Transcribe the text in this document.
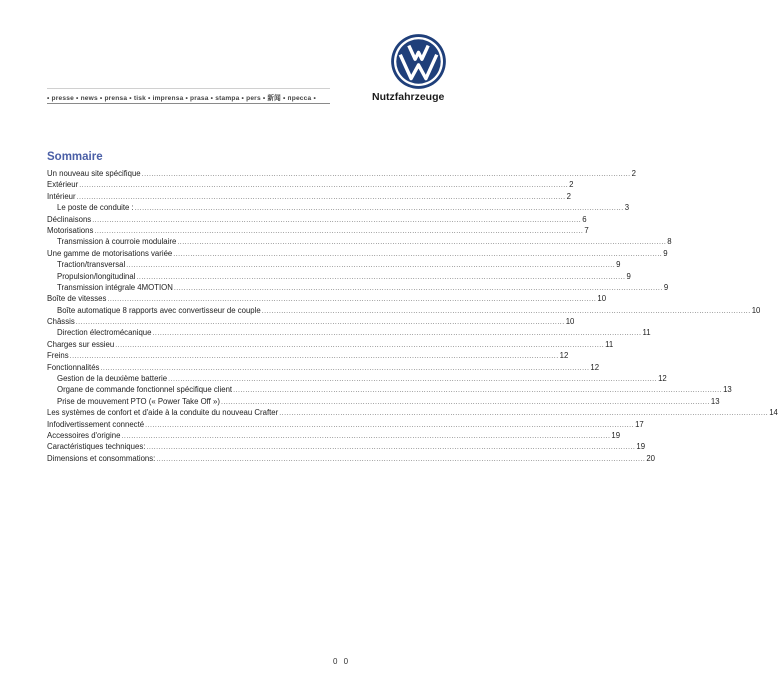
Nutzfahrzeuge
• presse • news • prensa • tisk • imprensa • prasa • stampa • pers • 新闻 • пресса •
Sommaire
Un nouveau site spécifique ........................................................................................................................................................................................................ 2
Extérieur ........................................................................................................................................................................................................ 2
Intérieur ........................................................................................................................................................................................................ 2
Le poste de conduite : ........................................................................................................................................................................................................ 3
Déclinaisons ........................................................................................................................................................................................................ 6
Motorisations ........................................................................................................................................................................................................ 7
Transmission à courroie modulaire ........................................................................................................................................................................................................ 8
Une gamme de motorisations variée ........................................................................................................................................................................................................ 9
Traction/transversal ........................................................................................................................................................................................................ 9
Propulsion/longitudinal ........................................................................................................................................................................................................ 9
Transmission intégrale 4MOTION ........................................................................................................................................................................................................ 9
Boîte de vitesses ........................................................................................................................................................................................................ 10
Boîte automatique 8 rapports avec convertisseur de couple ........................................................................................................................................................................................................ 10
Châssis ........................................................................................................................................................................................................ 10
Direction électromécanique ........................................................................................................................................................................................................ 11
Charges sur essieu ........................................................................................................................................................................................................ 11
Freins ........................................................................................................................................................................................................ 12
Fonctionnalités ........................................................................................................................................................................................................ 12
Gestion de la deuxième batterie ........................................................................................................................................................................................................ 12
Organe de commande fonctionnel spécifique client ........................................................................................................................................................................................................ 13
Prise de mouvement PTO (« Power Take Off ») ........................................................................................................................................................................................................ 13
Les systèmes de confort et d'aide à la conduite du nouveau Crafter ........................................................................................................................................................................................................ 14
Infodivertissement connecté ........................................................................................................................................................................................................ 17
Accessoires d'origine ........................................................................................................................................................................................................ 19
Caractéristiques techniques: ........................................................................................................................................................................................................ 19
Dimensions et consommations: ........................................................................................................................................................................................................ 20
0 0
